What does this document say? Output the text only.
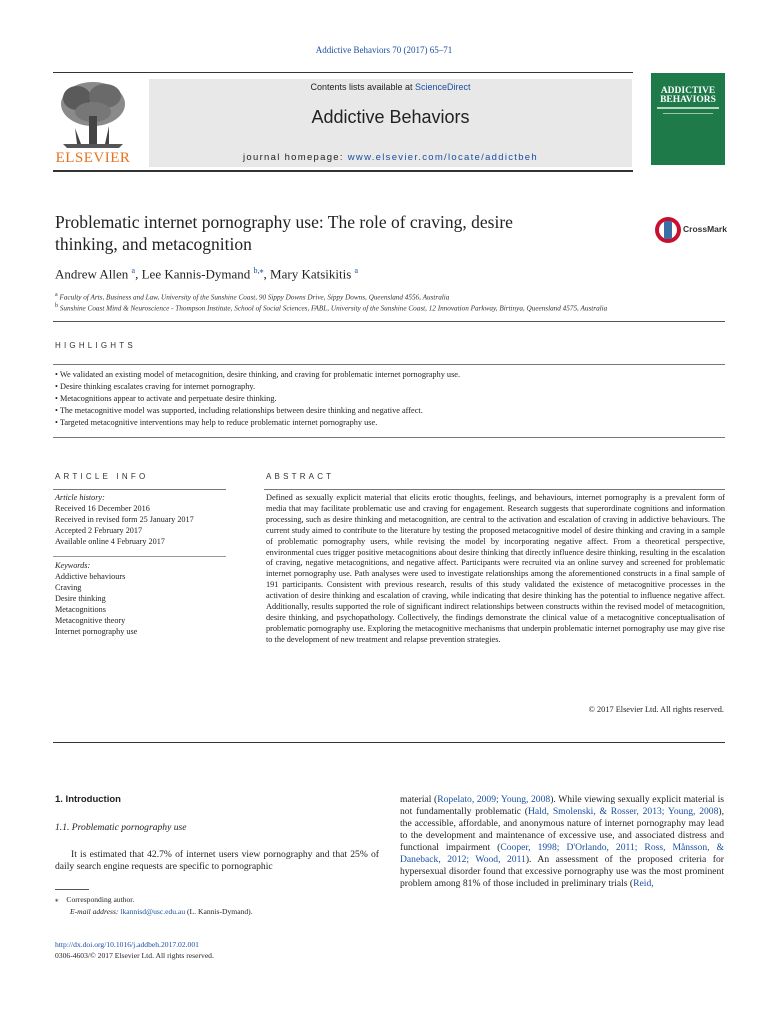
Addictive Behaviors 70 (2017) 65–71
ELSEVIER
Contents lists available at ScienceDirect
Addictive Behaviors
journal homepage: www.elsevier.com/locate/addictbeh
ADDICTIVE
BEHAVIORS
Problematic internet pornography use: The role of craving, desire
thinking, and metacognition
CrossMark
Andrew Allen $^a$, Lee Kannis-Dymand $^{b,⁎}$, Mary Katsikitis $^a$
$^a$ Faculty of Arts, Business and Law, University of the Sunshine Coast, 90 Sippy Downs Drive, Sippy Downs, Queensland 4556, Australia
$^b$ Sunshine Coast Mind & Neuroscience - Thompson Institute, School of Social Sciences, FABL, University of the Sunshine Coast, 12 Innovation Parkway, Birtinya, Queensland 4575, Australia
HIGHLIGHTS
• We validated an existing model of metacognition, desire thinking, and craving for problematic internet pornography use.
• Desire thinking escalates craving for internet pornography.
• Metacognitions appear to activate and perpetuate desire thinking.
• The metacognitive model was supported, including relationships between desire thinking and negative affect.
• Targeted metacognitive interventions may help to reduce problematic internet pornography use.
ARTICLE INFO
Article history:
Received 16 December 2016
Received in revised form 25 January 2017
Accepted 2 February 2017
Available online 4 February 2017
Keywords:
Addictive behaviours
Craving
Desire thinking
Metacognitions
Metacognitive theory
Internet pornography use
ABSTRACT
Defined as sexually explicit material that elicits erotic thoughts, feelings, and behaviours, internet pornography is a prevalent form of media that may facilitate problematic use and craving for engagement. Research suggests that superordinate cognitions and information processing, such as desire thinking and metacognition, are central to the activation and escalation of craving in addictive behaviours. The current study aimed to contribute to the literature by testing the proposed metacognitive model of desire thinking and craving in a sample of problematic pornography users, while revising the model by incorporating negative affect. From a theoretical perspective, environmental cues trigger positive metacognitions about desire thinking that directly influence desire thinking, resulting in the escalation of craving, negative metacognitions, and negative affect. Participants were recruited via an online survey and screened for problematic internet pornography use. Path analyses were used to investigate relationships among the aforementioned constructs in a final sample of 191 participants. Consistent with previous research, results of this study validated the existence of metacognitive processes in the activation of desire thinking and escalation of craving, while indicating that desire thinking has the potential to influence negative affect. Additionally, results supported the role of significant indirect relationships between constructs within the revised model of metacognition, desire thinking, and psychopathology. Collectively, the findings demonstrate the clinical value of a metacognitive conceptualisation of problematic pornography use. Exploring the metacognitive mechanisms that underpin problematic internet pornography use may give rise to the development of new treatment and relapse prevention strategies.
© 2017 Elsevier Ltd. All rights reserved.
1. Introduction
1.1. Problematic pornography use
It is estimated that 42.7% of internet users view pornography and that 25% of daily search engine requests are specific to pornographic
material (Ropelato, 2009; Young, 2008). While viewing sexually explicit material is not fundamentally problematic (Hald, Smolenski, & Rosser, 2013; Young, 2008), the accessible, affordable, and anonymous nature of internet pornography may lead to the development and maintenance of excessive use, and associated distress and functional impairment (Cooper, 1998; D'Orlando, 2011; Ross, Månsson, & Daneback, 2012; Wood, 2011). An assessment of the proposed criteria for hypersexual disorder found that excessive pornography use was the most prominent problem among 81% of those included in preliminary trials (Reid,
⁎ Corresponding author.
E-mail address: lkannisd@usc.edu.au (L. Kannis-Dymand).
http://dx.doi.org/10.1016/j.addbeh.2017.02.001
0306-4603/© 2017 Elsevier Ltd. All rights reserved.
